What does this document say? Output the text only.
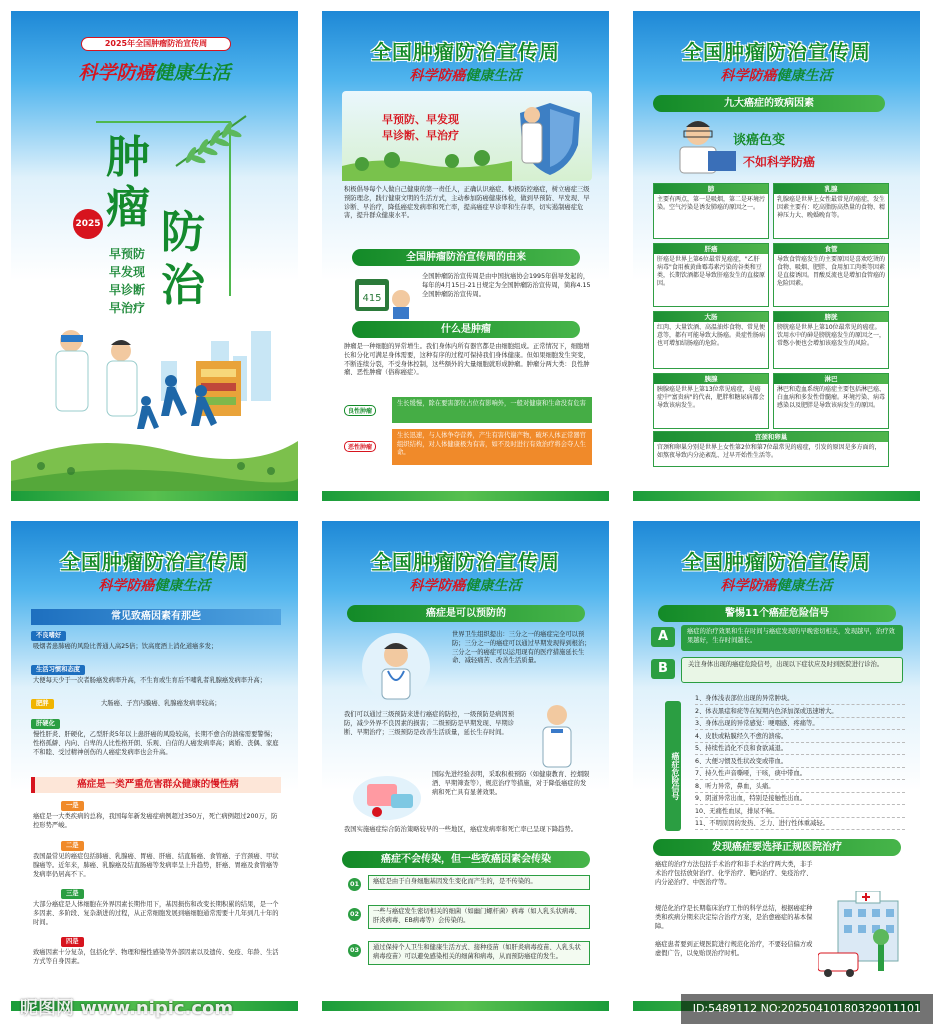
2025年全国肿瘤防治宣传周
科学防癌健康生活
肿
瘤 防
治
2025
早预防
早发现
早诊断
早治疗
全国肿瘤防治宣传周
科学防癌健康生活
早预防、早发现
早诊断、早治疗
积极倡导每个人做自己健康的第一责任人，正确认识癌症、积极防控癌症，树立癌症三级预防理念，践行健康文明的生活方式，主动参加防癌健康体检，做到早预防、早发现、早诊断、早治疗，降低癌症发病率和死亡率，提高癌症早诊率和生存率，切实遏制癌症危害，提升群众健康水平。
全国肿瘤防治宣传周的由来
415
全国肿瘤防治宣传周是由中国抗癌协会1995年倡导发起的，每年的4月15日-21日规定为全国肿瘤防治宣传周，简称4.15全国肿瘤防治宣传周。
什么是肿瘤
肿瘤是一种细胞的异常增生。我们身体内所有器官都是由细胞组成。正常情况下，细胞增长和分化可满足身体需要，这种有序的过程可保持我们身体健康。但如果细胞发生突变，不断连续分裂，不受身体控制，这些额外的大量细胞就形成肿瘤。肿瘤分两大类：良性肿瘤、恶性肿瘤（俗称癌症）。
良性肿瘤
生长缓慢，除在要害部位占位有影响外，一般对健康和生命没有危害
恶性肿瘤
生长迅速，与人体争夺营养，产生有害代谢产物，破坏人体正常器官组织结构，对人体健康极为有害，如不及时进行有效治疗将会夺人生命。
全国肿瘤防治宣传周
科学防癌健康生活
九大癌症的致病因素
谈癌色变
不如科学防癌
肺
主要有两点，第一是吸烟，第二是环境污染。空气污染是诱发肺癌的原因之一。
乳腺
乳腺癌是世界上女性最常见的癌症，发生因素主要有：吃高脂肪高热量的食物、精神压力大、晚婚晚育等。
肝癌
肝癌是世界上第6位最常见癌症，"乙肝病毒"食用被黄曲霉毒素污染的谷类和豆类，长期饮酒都是导致肝癌发生的直接原因。
食管
导致食管癌发生的主要原因是喜欢吃烫的食物、吸烟、肥胖、食用加工肉类等因素是直接诱因。胃酸反流也是增加食管癌的危险因素。
大肠
红肉、大量饮酒、高温油炸食物、常见便意等，都有可能导致大肠癌。炎症性肠病也可增加结肠癌的危险。
膀胱
膀胱癌是世界上第10位最常见的癌症。饮用水中的砷是膀胱癌发生的原因之一，常憋小便也会增加该癌发生的风险。
胰腺
胰腺癌是世界上第13位常见癌症，是癌症中"富贵病"的代表，肥胖和糖尿病都会导致该病发生。
淋巴
淋巴和造血系统的癌症主要包括淋巴癌、白血病和多发性骨髓瘤。环境污染、病毒感染以及肥胖是导致该病发生的原因。
宫颈和卵巢
宫颈和卵巢分别是世界上女性第2位和第7位最常见的癌症，引发的原因是多方面的，如熬夜导致内分泌紊乱、过早开始性生活等。
全国肿瘤防治宣传周
科学防癌健康生活
常见致癌因素有那些
不良嗜好
吸烟者患肺癌的风险比普通人高25倍；饮高度酒上消化道癌多发；
生活习惯和态度
大便每天少于一次者肠癌发病率升高，不生育或生育后不哺乳者乳腺癌发病率升高；
肥胖	大肠癌、子宫内膜癌、乳腺癌发病率较高；
肝硬化
慢性肝炎、肝硬化，乙型肝炎5年以上患肝癌的风险较高，长期不愈合的溃疡需要警惕；性格孤僻、内向、自卑的人比性格开朗、乐观、自信的人癌发病率高；离婚、丧偶、家庭不和睦、受过精神创伤的人癌症发病率也会升高。
癌症是一类严重危害群众健康的慢性病
一是
癌症是一大类疾病的总称，我国每年新发癌症病例超过350万，死亡病例超过200万，防控形势严峻。
二是
我国最常见的癌症包括肺癌、乳腺癌、胃癌、肝癌、结直肠癌、食管癌、子宫颈癌、甲状腺癌等。近年来，肺癌、乳腺癌及结直肠癌等发病率呈上升趋势，肝癌、胃癌及食管癌等发病率仍居高不下。
三是
大部分癌症是人体细胞在外界因素长期作用下，基因损伤和改变长期积累的结果，是一个多因素、多阶段、复杂渐进的过程，从正常细胞发展到癌细胞通常需要十几年到几十年的时间。
四是
致癌因素十分复杂，包括化学、物理和慢性感染等外部因素以及遗传、免疫、年龄、生活方式等自身因素。
全国肿瘤防治宣传周
科学防癌健康生活
癌症是可以预防的
世界卫生组织提出：三分之一的癌症完全可以预防；三分之一的癌症可以通过早期发现得到根治；三分之一的癌症可以运用现有的医疗措施延长生命、减轻痛苦、改善生活质量。
我们可以通过三级预防来进行癌症的防控，一级预防是病因预防，减少外界不良因素的损害；二级预防是早期发现、早期诊断、早期治疗；三级预防是改善生活质量，延长生存时间。
国际先进经验表明，采取积极预防（如健康教育、控烟限酒、早期筛查等），规范治疗等措施，对于降低癌症的发病和死亡具有显著效果。
我国实施癌症综合防治策略较早的一些地区，癌症发病率和死亡率已呈现下降趋势。
癌症不会传染，但一些致癌因素会传染
01	癌症是由于自身细胞基因发生变化而产生的，是不传染的。
02	一些与癌症发生密切相关的细菌（如幽门螺杆菌）病毒（如人乳头状病毒、肝炎病毒、EB病毒等）会传染的。
03	通过保持个人卫生和健康生活方式、接种疫苗（如肝炎病毒疫苗、人乳头状病毒疫苗）可以避免感染相关的细菌和病毒，从而预防癌症的发生。
全国肿瘤防治宣传周
科学防癌健康生活
警惕11个癌症危险信号
A	癌症的治疗效果和生存时间与癌症发现的早晚密切相关，发现越早，治疗效果越好，生存时间越长。
B	关注身体出现的癌症危险信号，出现以下症状应及时到医院进行诊治。
癌症危险信号
1、身体浅表部位出现的异常肿块。
2、体表黑痣和疣等在短期内色泽加深或迅速增大。
3、身体出现的异常感觉：哽咽感、疼痛等。
4、皮肤或粘膜经久不愈的溃疡。
5、持续性消化不良和食欲减退。
6、大便习惯及性状改变或带血。
7、持久性声音嘶哑，干咳，痰中带血。
8、听力异常，鼻血，头痛。
9、阴道异常出血，特别是接触性出血。
10、无痛性血尿，排尿不畅。
11、不明原因的发热、乏力、进行性体重减轻。
发现癌症要选择正规医院治疗
癌症的治疗方法包括手术治疗和非手术治疗两大类，非手术治疗包括放射治疗、化学治疗、靶向治疗、免疫治疗、内分泌治疗、中医治疗等。
规范化治疗是长期临床治疗工作的科学总结，根据癌症种类和疾病分期来决定综合治疗方案，是治愈癌症的基本保障。
癌症患者要到正规医院进行规范化治疗，不要轻信偏方或虚假广告，以免贻误治疗时机。
昵图网 www.nipic.com	ID:5489112 NO:20250410180329011101
